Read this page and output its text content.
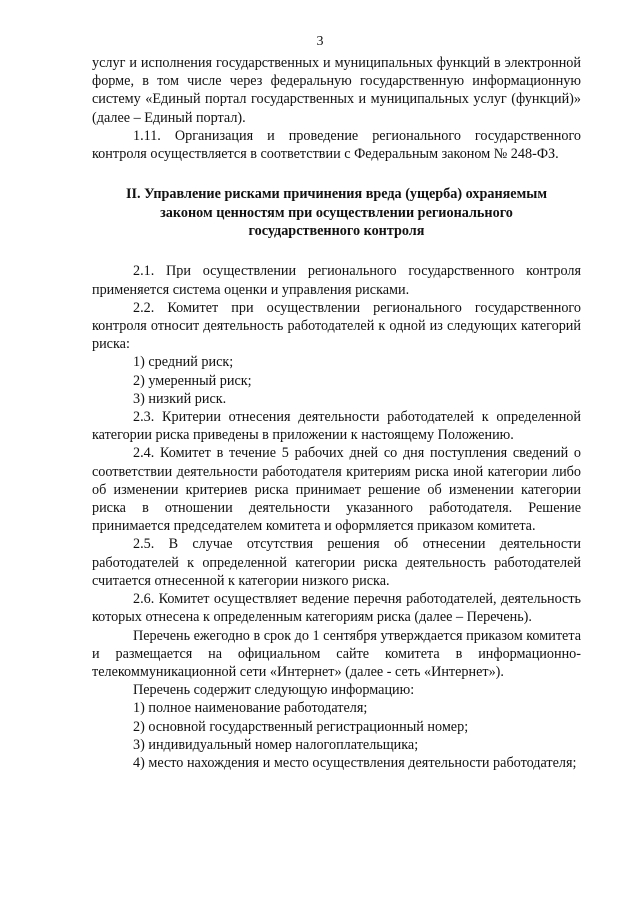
3

услуг и исполнения государственных и муниципальных функций в электронной форме, в том числе через федеральную государственную информационную систему «Единый портал государственных и муниципальных услуг (функций)» (далее – Единый портал).

1.11. Организация и проведение регионального государственного контроля осуществляется в соответствии с Федеральным законом № 248-ФЗ.

II. Управление рисками причинения вреда (ущерба) охраняемым
законом ценностям при осуществлении регионального
государственного контроля

2.1. При осуществлении регионального государственного контроля применяется система оценки и управления рисками.

2.2. Комитет при осуществлении регионального государственного контроля относит деятельность работодателей к одной из следующих категорий риска:

1) средний риск;

2) умеренный риск;

3) низкий риск.

2.3. Критерии отнесения деятельности работодателей к определенной категории риска приведены в приложении к настоящему Положению.

2.4. Комитет в течение 5 рабочих дней со дня поступления сведений о соответствии деятельности работодателя критериям риска иной категории либо об изменении критериев риска принимает решение об изменении категории риска в отношении деятельности указанного работодателя. Решение принимается председателем комитета и оформляется приказом комитета.

2.5. В случае отсутствия решения об отнесении деятельности работодателей к определенной категории риска деятельность работодателей считается отнесенной к категории низкого риска.

2.6. Комитет осуществляет ведение перечня работодателей, деятельность которых отнесена к определенным категориям риска (далее – Перечень).

Перечень ежегодно в срок до 1 сентября утверждается приказом комитета и размещается на официальном сайте комитета в информационно-телекоммуникационной сети «Интернет» (далее - сеть «Интернет»).

Перечень содержит следующую информацию:

1) полное наименование работодателя;

2) основной государственный регистрационный номер;

3) индивидуальный номер налогоплательщика;

4) место нахождения и место осуществления деятельности работодателя;
